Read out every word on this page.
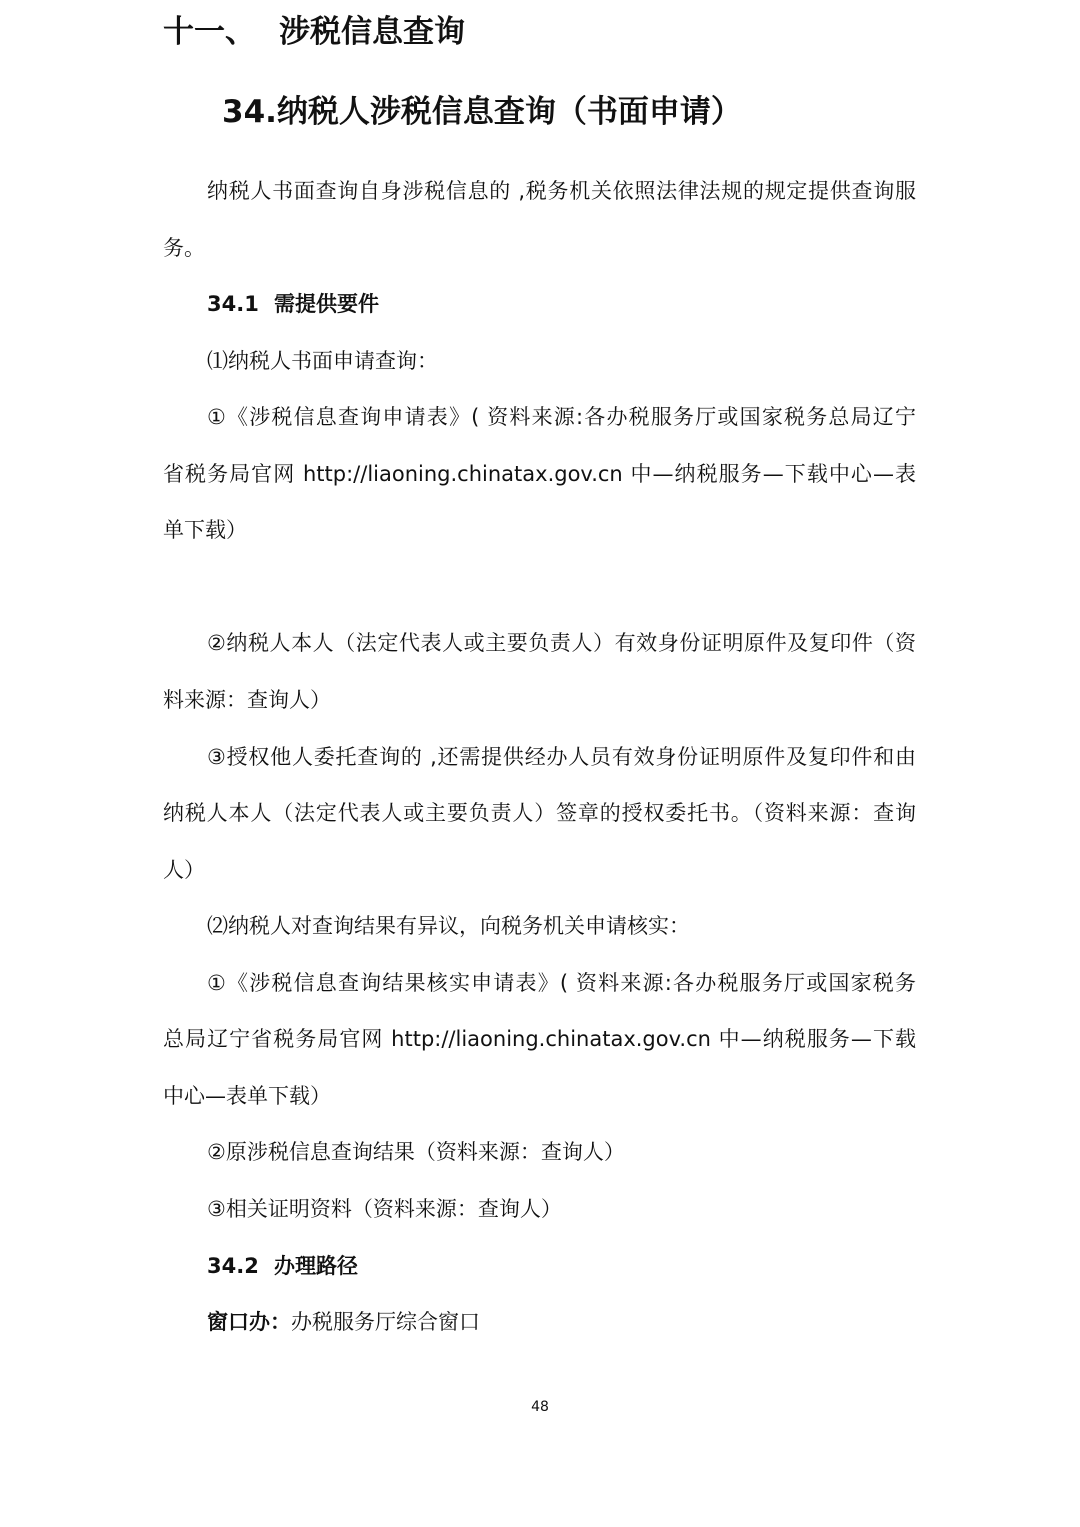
十一、 涉税信息查询
34.纳税人涉税信息查询（书面申请）
纳税人书面查询自身涉税信息的 ,税务机关依照法律法规的规定提供查询服
务。
34.1 需提供要件
⑴纳税人书面申请查询：
①《涉税信息查询申请表》( 资料来源:各办税服务厅或国家税务总局辽宁
省税务局官网 http://liaoning.chinatax.gov.cn 中—纳税服务—下载中心—表
单下载）
②纳税人本人（法定代表人或主要负责人）有效身份证明原件及复印件（资
料来源：查询人）
③授权他人委托查询的 ,还需提供经办人员有效身份证明原件及复印件和由
纳税人本人（法定代表人或主要负责人）签章的授权委托书。（资料来源：查询
人）
⑵纳税人对查询结果有异议，向税务机关申请核实：
①《涉税信息查询结果核实申请表》( 资料来源:各办税服务厅或国家税务
总局辽宁省税务局官网 http://liaoning.chinatax.gov.cn 中—纳税服务—下载
中心—表单下载）
②原涉税信息查询结果（资料来源：查询人）
③相关证明资料（资料来源：查询人）
34.2 办理路径
窗口办：办税服务厅综合窗口
48
